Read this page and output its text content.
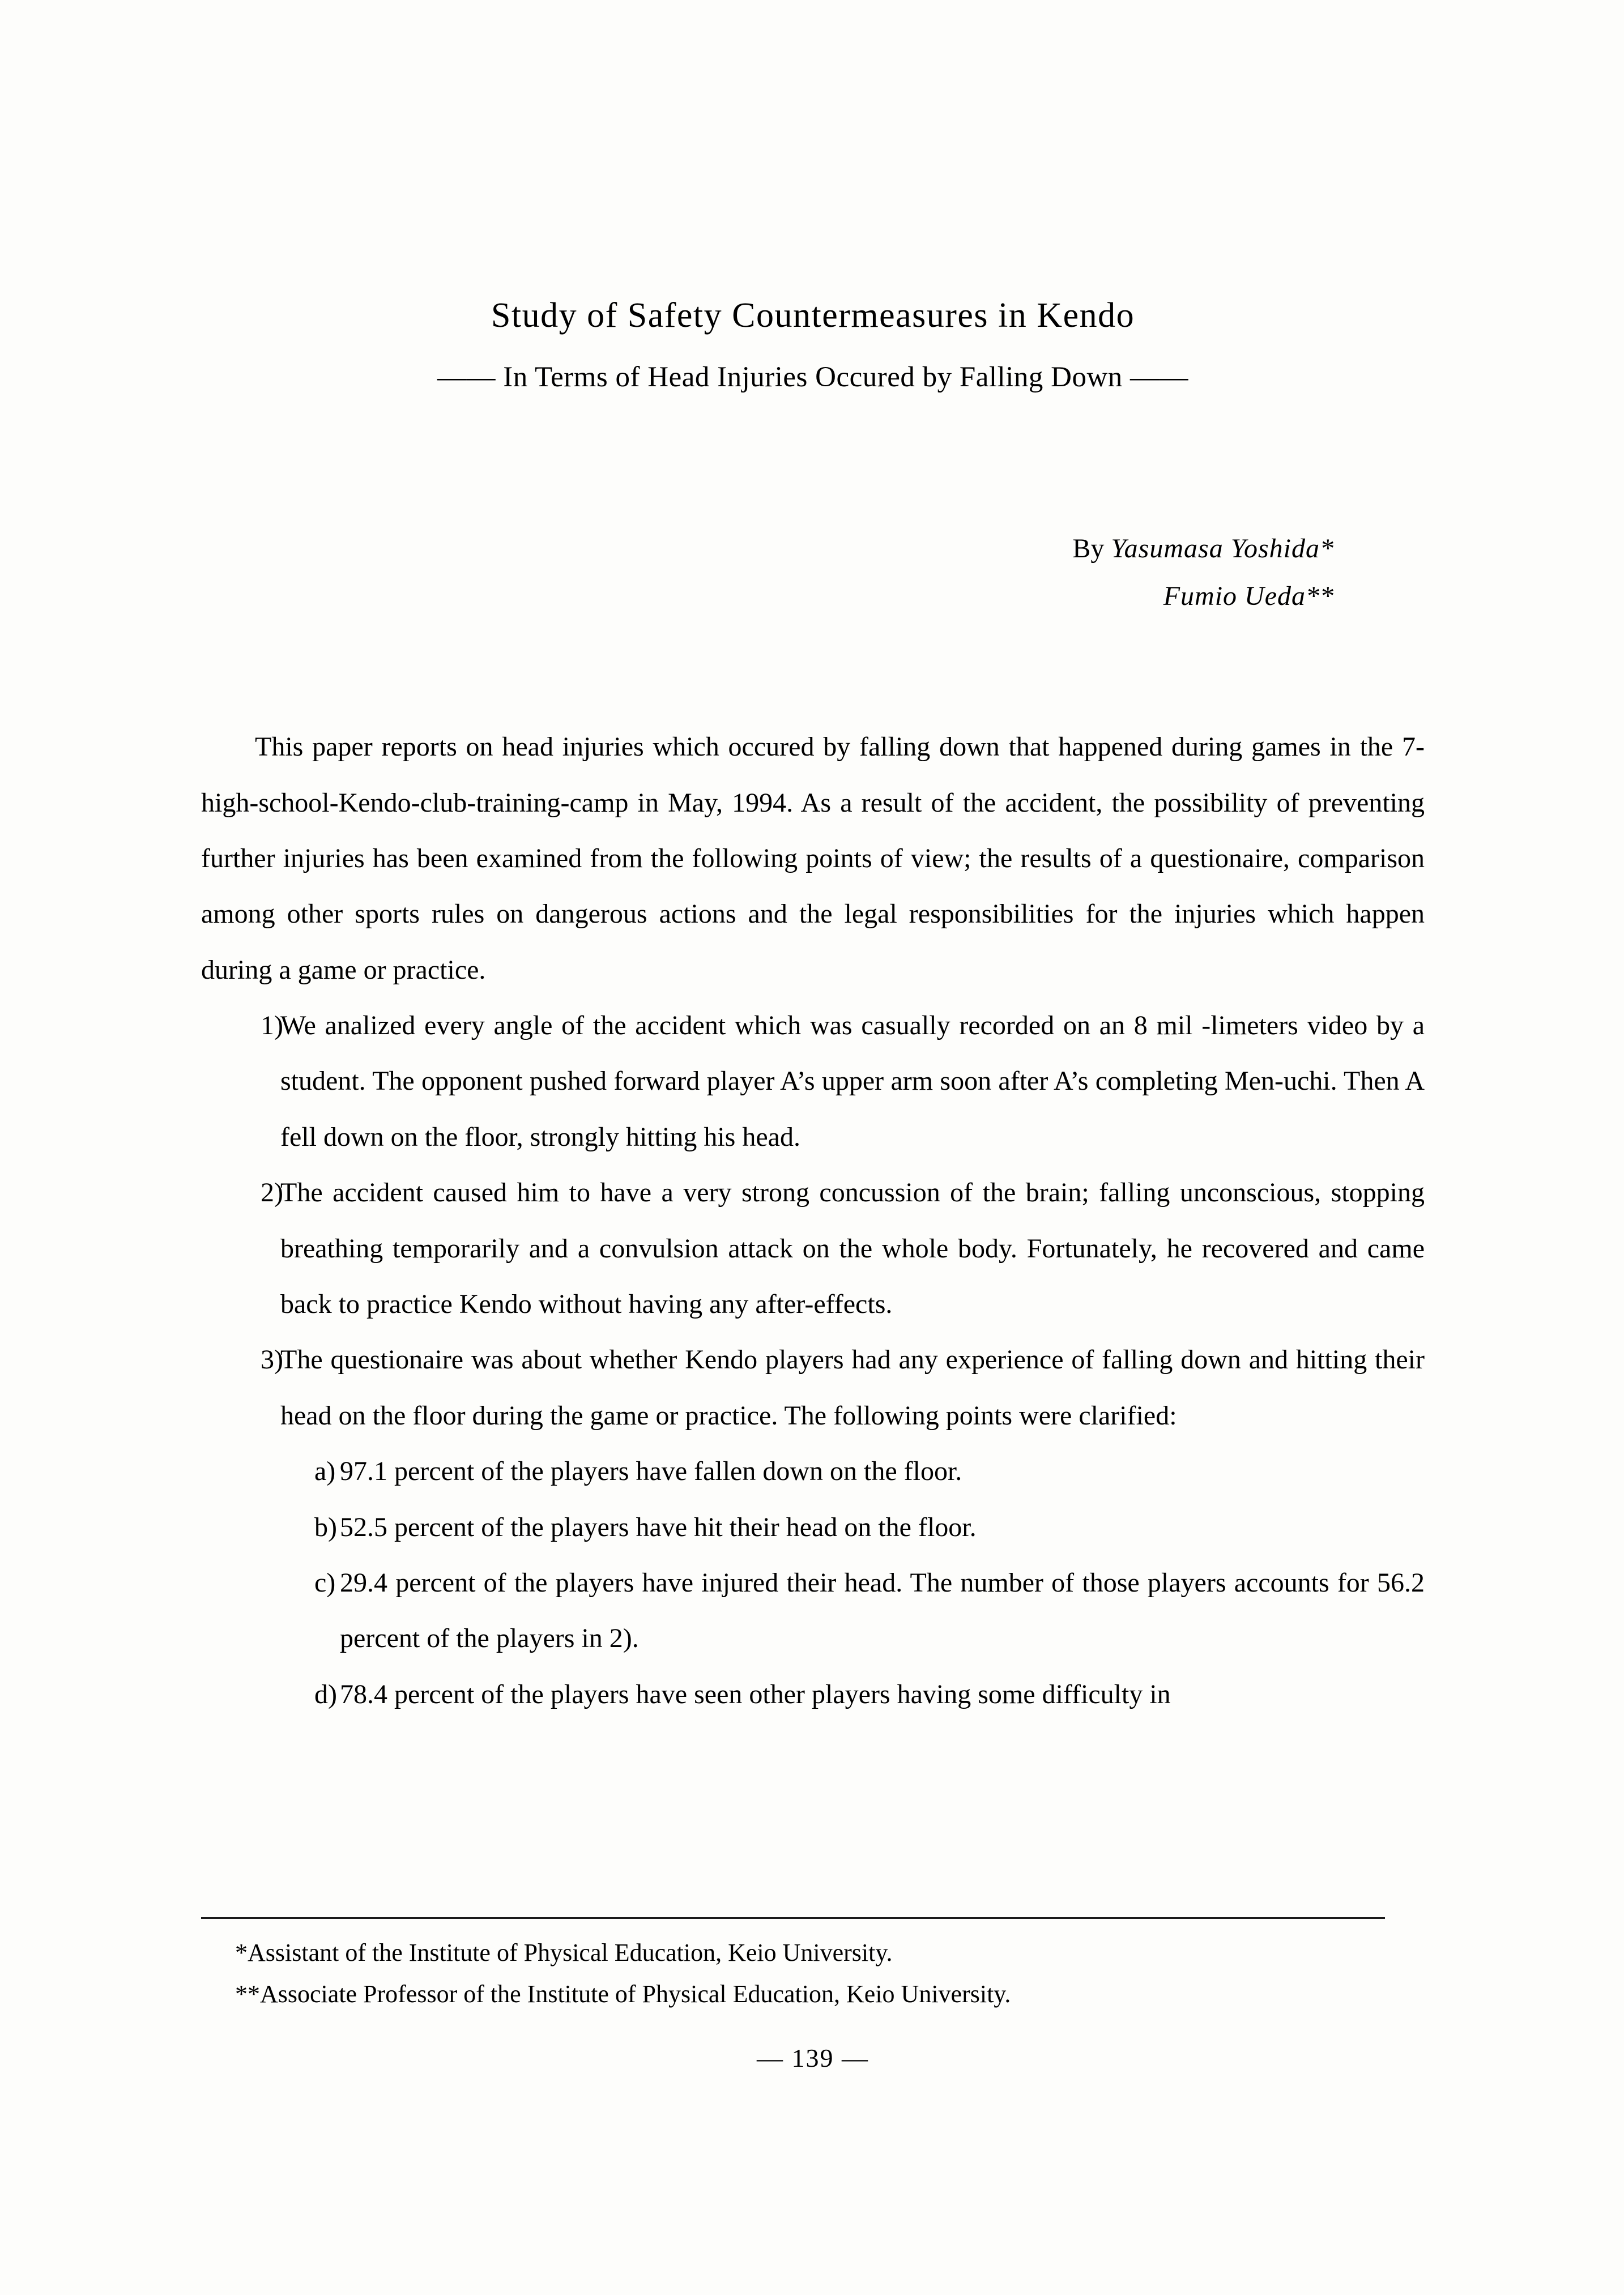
Study of Safety Countermeasures in Kendo
—— In Terms of Head Injuries Occured by Falling Down ——
By Yasumasa Yoshida*
Fumio Ueda**

This paper reports on head injuries which occured by falling down that happened during games in the 7-high-school-Kendo-club-training-camp in May, 1994. As a result of the accident, the possibility of preventing further injuries has been examined from the following points of view; the results of a questionaire, comparison among other sports rules on dangerous actions and the legal responsibilities for the injuries which happen during a game or practice.

1)
We analized every angle of the accident which was casually recorded on an 8 mil -limeters video by a student. The opponent pushed forward player A’s upper arm soon after A’s completing Men-uchi. Then A fell down on the floor, strongly hitting his head.
2)
The accident caused him to have a very strong concussion of the brain; falling unconscious, stopping breathing temporarily and a convulsion attack on the whole body. Fortunately, he recovered and came back to practice Kendo without having any after-effects.
3)
The questionaire was about whether Kendo players had any experience of falling down and hitting their head on the floor during the game or practice. The following points were clarified:
a) 97.1 percent of the players have fallen down on the floor.
b) 52.5 percent of the players have hit their head on the floor.
c) 29.4 percent of the players have injured their head. The number of those players accounts for 56.2 percent of the players in 2).
d) 78.4 percent of the players have seen other players having some difficulty in
*Assistant of the Institute of Physical Education, Keio University.
**Associate Professor of the Institute of Physical Education, Keio University.
— 139 —
